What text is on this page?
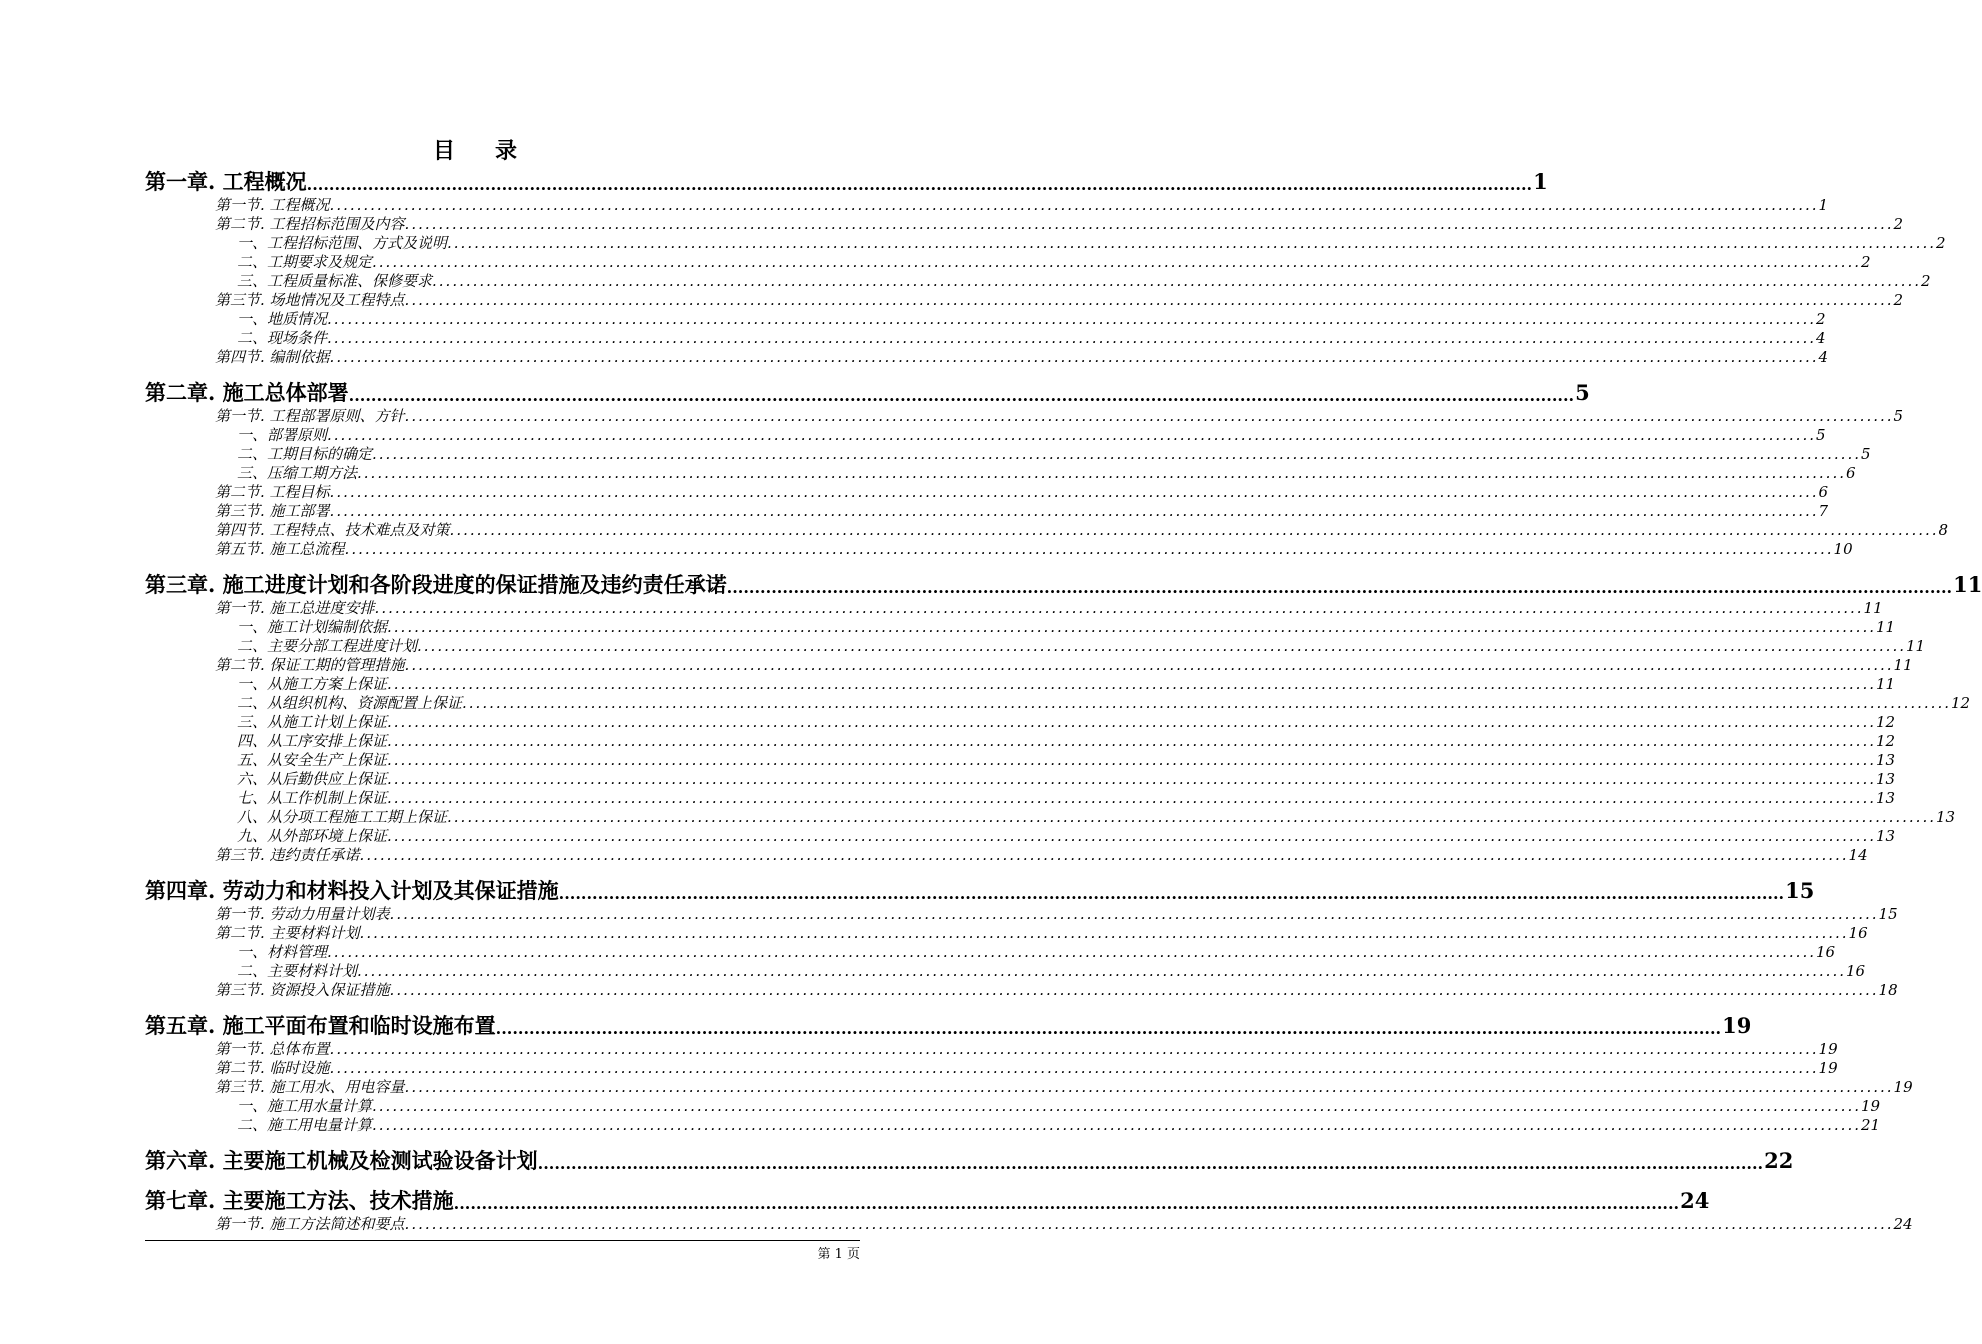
目 录
第一章. 工程概况 ............................................................................................................................................................................................................................ 1
第一节. 工程概况 ............................................................................................................................................................................................................................ 1
第二节. 工程招标范围及内容 ............................................................................................................................................................................................................................ 2
一、工程招标范围、方式及说明 ............................................................................................................................................................................................................................ 2
二、工期要求及规定 ............................................................................................................................................................................................................................ 2
三、工程质量标准、保修要求 ............................................................................................................................................................................................................................ 2
第三节. 场地情况及工程特点 ............................................................................................................................................................................................................................ 2
一、地质情况 ............................................................................................................................................................................................................................ 2
二、现场条件 ............................................................................................................................................................................................................................ 4
第四节. 编制依据 ............................................................................................................................................................................................................................ 4
第二章. 施工总体部署 ............................................................................................................................................................................................................................ 5
第一节. 工程部署原则、方针 ............................................................................................................................................................................................................................ 5
一、部署原则 ............................................................................................................................................................................................................................ 5
二、工期目标的确定 ............................................................................................................................................................................................................................ 5
三、压缩工期方法 ............................................................................................................................................................................................................................ 6
第二节. 工程目标 ............................................................................................................................................................................................................................ 6
第三节. 施工部署 ............................................................................................................................................................................................................................ 7
第四节. 工程特点、技术难点及对策 ............................................................................................................................................................................................................................ 8
第五节. 施工总流程 ............................................................................................................................................................................................................................ 10
第三章. 施工进度计划和各阶段进度的保证措施及违约责任承诺 ............................................................................................................................................................................................................................ 11
第一节. 施工总进度安排 ............................................................................................................................................................................................................................ 11
一、施工计划编制依据 ............................................................................................................................................................................................................................ 11
二、主要分部工程进度计划 ............................................................................................................................................................................................................................ 11
第二节. 保证工期的管理措施 ............................................................................................................................................................................................................................ 11
一、从施工方案上保证 ............................................................................................................................................................................................................................ 11
二、从组织机构、资源配置上保证 ............................................................................................................................................................................................................................ 12
三、从施工计划上保证 ............................................................................................................................................................................................................................ 12
四、从工序安排上保证 ............................................................................................................................................................................................................................ 12
五、从安全生产上保证 ............................................................................................................................................................................................................................ 13
六、从后勤供应上保证 ............................................................................................................................................................................................................................ 13
七、从工作机制上保证 ............................................................................................................................................................................................................................ 13
八、从分项工程施工工期上保证 ............................................................................................................................................................................................................................ 13
九、从外部环境上保证 ............................................................................................................................................................................................................................ 13
第三节. 违约责任承诺 ............................................................................................................................................................................................................................ 14
第四章. 劳动力和材料投入计划及其保证措施 ............................................................................................................................................................................................................................ 15
第一节. 劳动力用量计划表 ............................................................................................................................................................................................................................ 15
第二节. 主要材料计划 ............................................................................................................................................................................................................................ 16
一、材料管理 ............................................................................................................................................................................................................................ 16
二、主要材料计划 ............................................................................................................................................................................................................................ 16
第三节. 资源投入保证措施 ............................................................................................................................................................................................................................ 18
第五章. 施工平面布置和临时设施布置 ............................................................................................................................................................................................................................ 19
第一节. 总体布置 ............................................................................................................................................................................................................................ 19
第二节. 临时设施 ............................................................................................................................................................................................................................ 19
第三节. 施工用水、用电容量 ............................................................................................................................................................................................................................ 19
一、施工用水量计算 ............................................................................................................................................................................................................................ 19
二、施工用电量计算 ............................................................................................................................................................................................................................ 21
第六章. 主要施工机械及检测试验设备计划 ............................................................................................................................................................................................................................ 22
第七章. 主要施工方法、技术措施 ............................................................................................................................................................................................................................ 24
第一节. 施工方法简述和要点 ............................................................................................................................................................................................................................ 24
第 1 页
